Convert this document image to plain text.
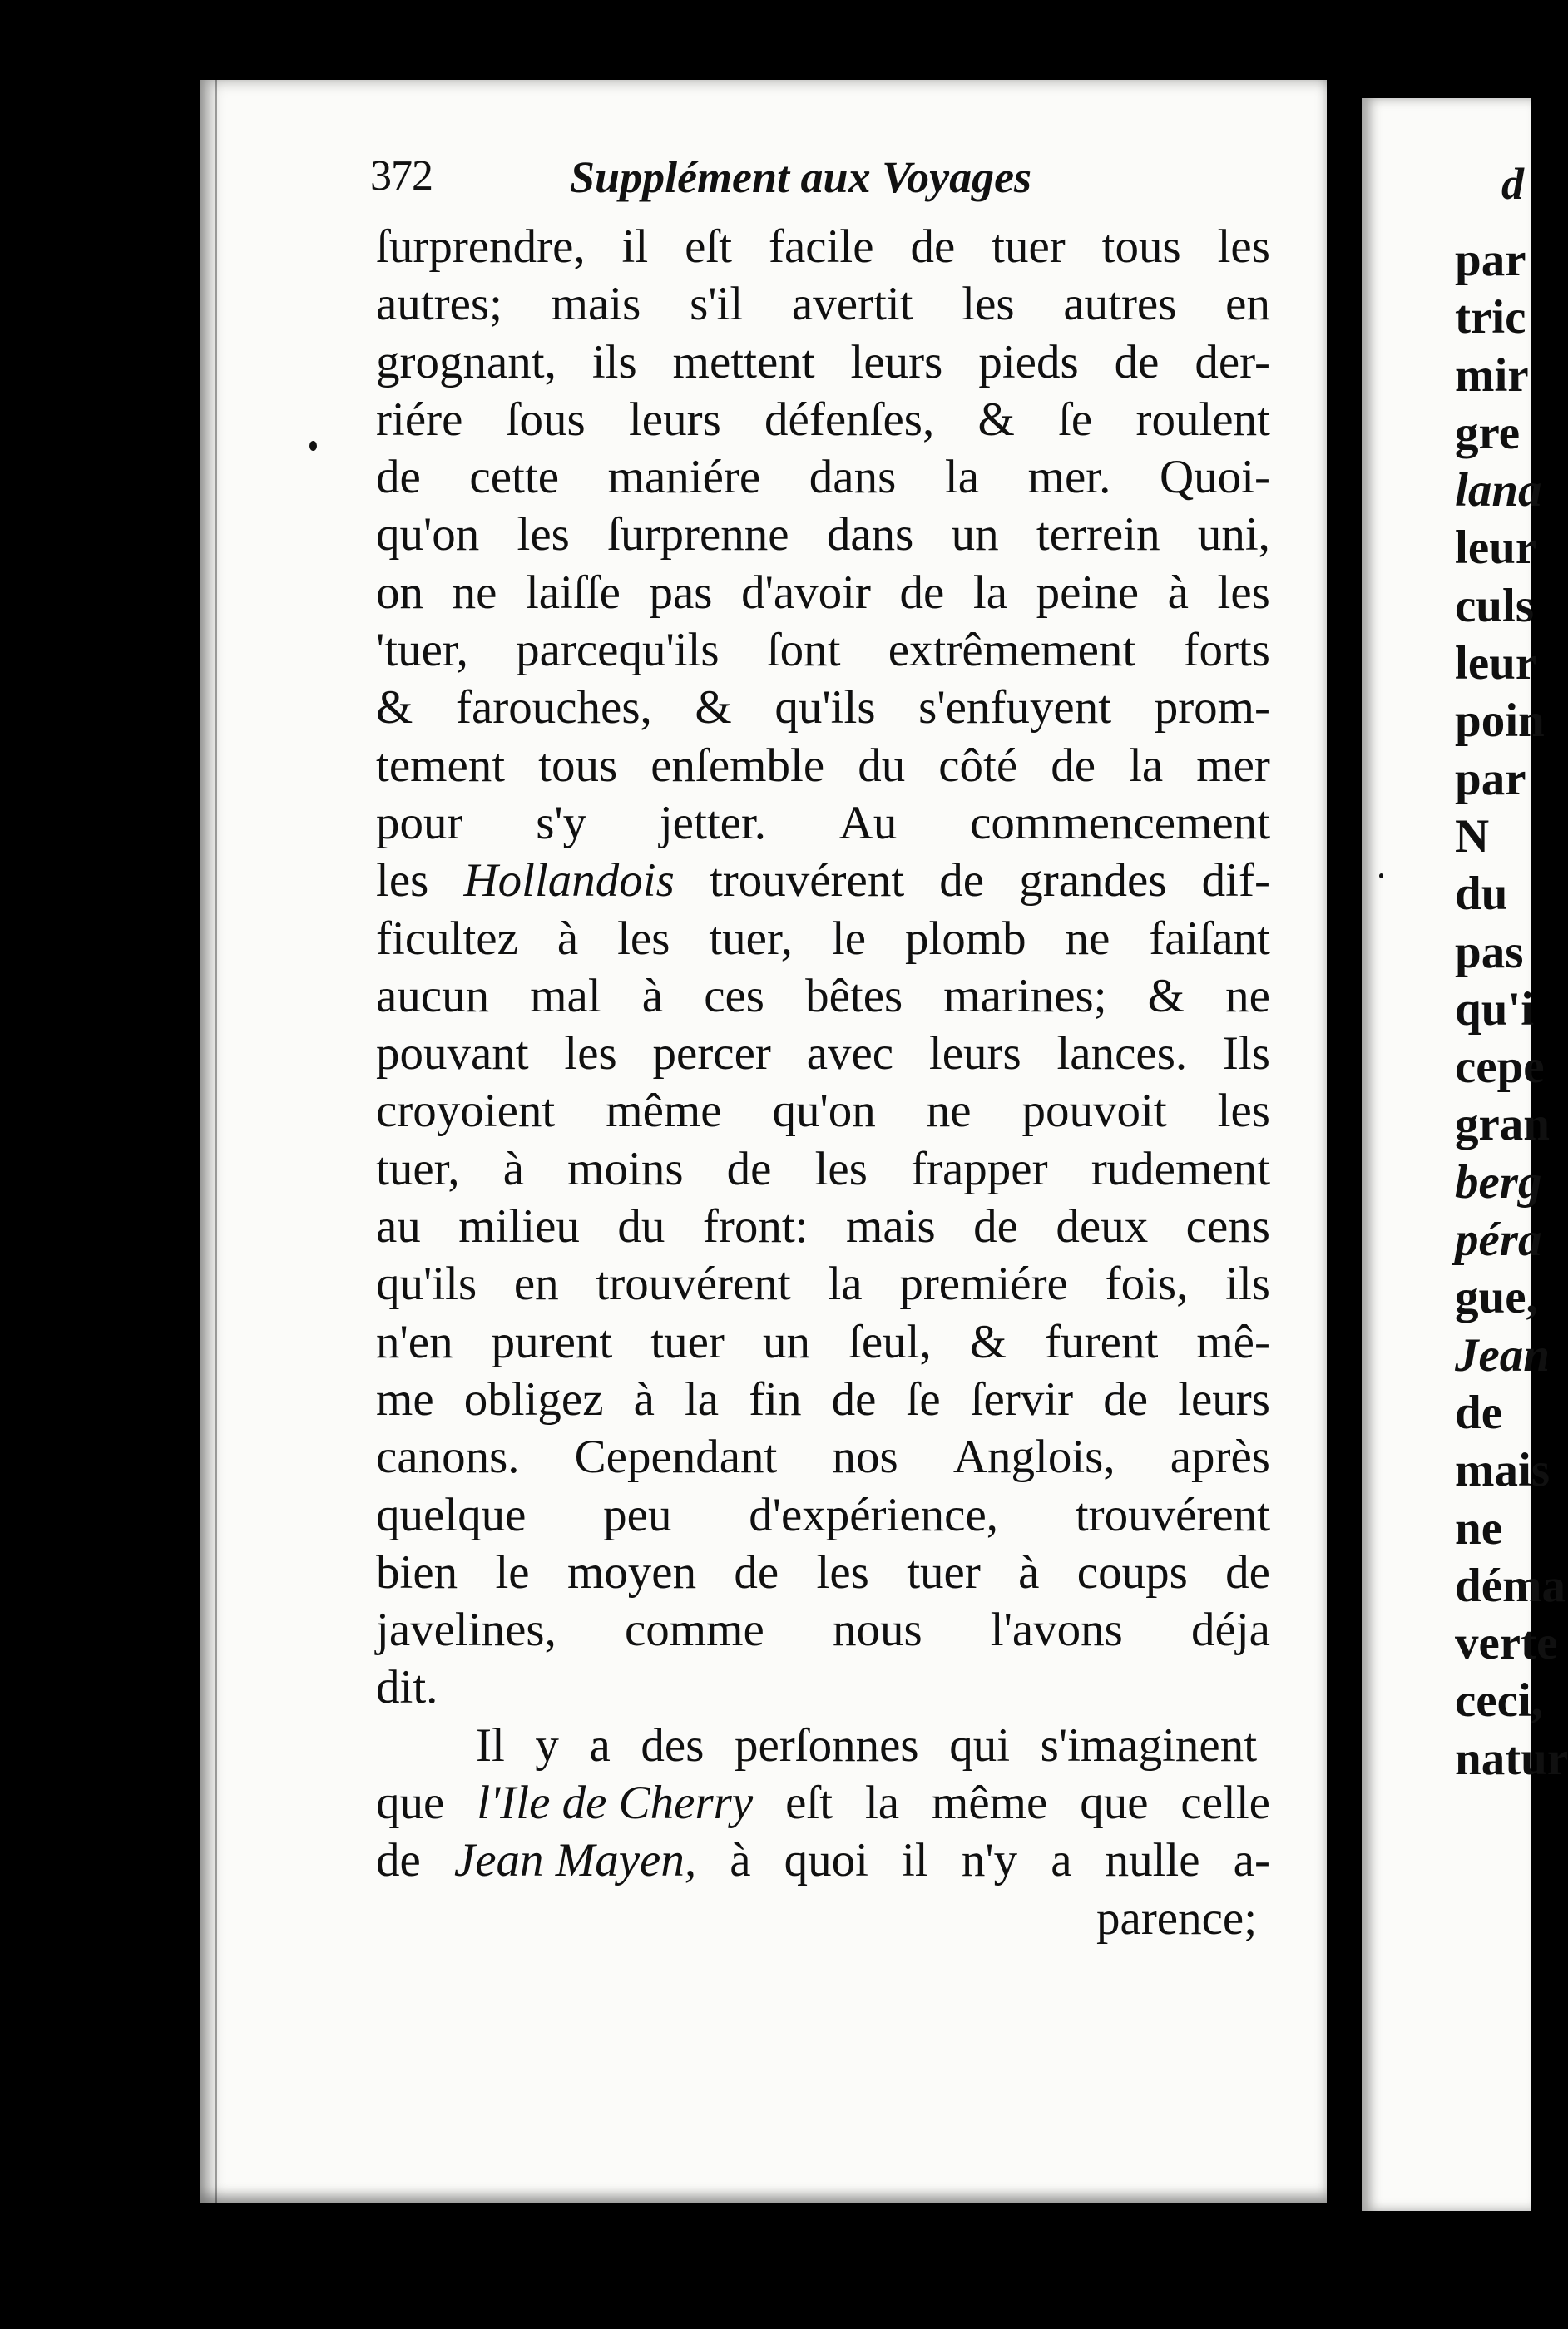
d
par
tric
mir
gre
lana
leur
culs
leur
poin
par
N
du
pas
qu'i
cepe
gran
berg
péra
gue,
Jean
de
mais
ne
déma
verte
ceci,
natur
372	Supplément aux Voyages
ſurprendre, il eſt facile de tuer tous les
autres; mais s'il avertit les autres en
grognant, ils mettent leurs pieds de der-
riére ſous leurs défenſes, & ſe roulent
de cette maniére dans la mer. Quoi-
qu'on les ſurprenne dans un terrein uni,
on ne laiſſe pas d'avoir de la peine à les
'tuer, parcequ'ils ſont extrêmement forts
& farouches, & qu'ils s'enfuyent prom-
tement tous enſemble du côté de la mer
pour s'y jetter. Au commencement
les Hollandois trouvérent de grandes dif-
ficultez à les tuer, le plomb ne faiſant
aucun mal à ces bêtes marines; & ne
pouvant les percer avec leurs lances. Ils
croyoient même qu'on ne pouvoit les
tuer, à moins de les frapper rudement
au milieu du front: mais de deux cens
qu'ils en trouvérent la premiére fois, ils
n'en purent tuer un ſeul, & furent mê-
me obligez à la fin de ſe ſervir de leurs
canons. Cependant nos Anglois, après
quelque peu d'expérience, trouvérent
bien le moyen de les tuer à coups de
javelines, comme nous l'avons déja
dit.
Il y a des perſonnes qui s'imaginent
que l'Ile de Cherry eſt la même que celle
de Jean Mayen, à quoi il n'y a nulle a-
parence;
